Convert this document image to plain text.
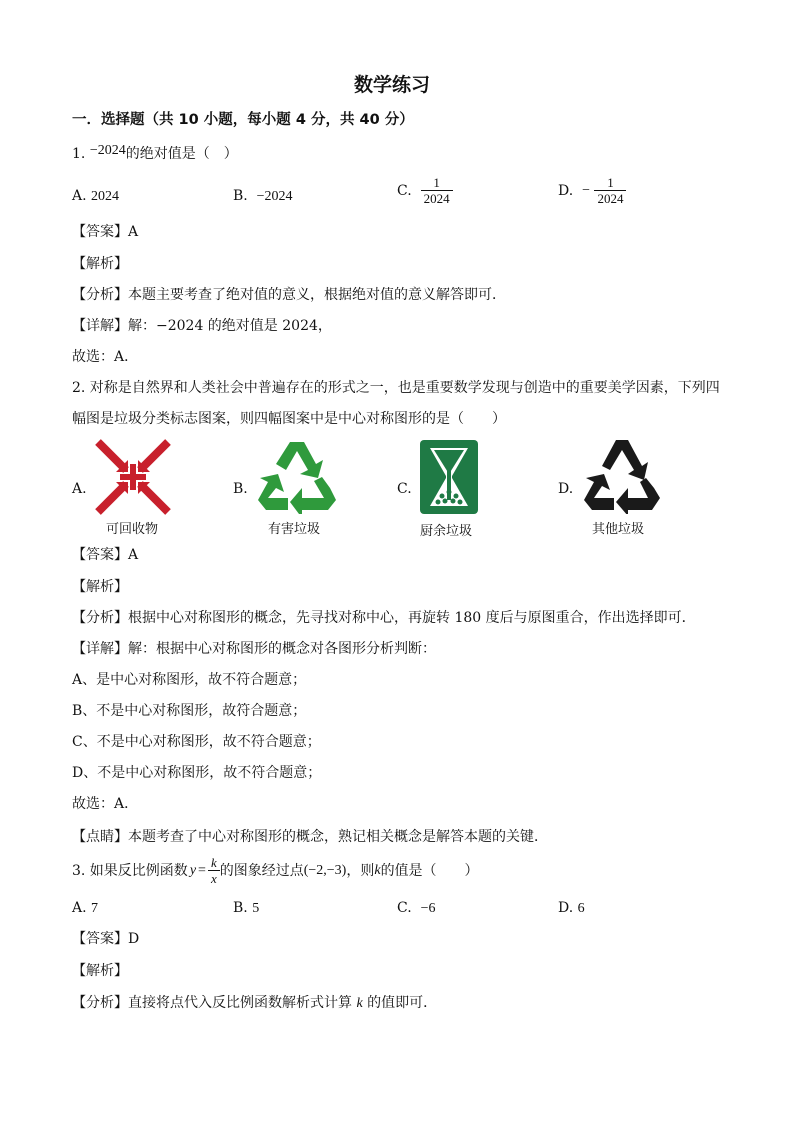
数学练习
一．选择题（共 10 小题，每小题 4 分，共 40 分）
1. −2024的绝对值是（　）
A. 2024	B. −2024	C. $\frac{1}{2024}$	D. − $\frac{1}{2024}$
【答案】A
【解析】
【分析】本题主要考查了绝对值的意义，根据绝对值的意义解答即可．
【详解】解：−2024 的绝对值是 2024，
故选：A．
2. 对称是自然界和人类社会中普遍存在的形式之一，也是重要数学发现与创造中的重要美学因素，下列四
幅图是垃圾分类标志图案，则四幅图案中是中心对称图形的是（　　）
A.
可回收物
B.
有害垃圾
C.
厨余垃圾
D.
其他垃圾
【答案】A
【解析】
【分析】根据中心对称图形的概念，先寻找对称中心，再旋转 180 度后与原图重合，作出选择即可．
【详解】解：根据中心对称图形的概念对各图形分析判断：
A、是中心对称图形，故不符合题意；
B、不是中心对称图形，故符合题意；
C、不是中心对称图形，故不符合题意；
D、不是中心对称图形，故不符合题意；
故选：A．
【点睛】本题考查了中心对称图形的概念，熟记相关概念是解答本题的关键．
3. 如果反比例函数 $y = \frac{k}{x}$ 的图象经过点 (−2,−3) ，则 k 的值是（　　）
A. 7	B. 5	C. −6	D. 6
【答案】D
【解析】
【分析】直接将点代入反比例函数解析式计算 k 的值即可．
